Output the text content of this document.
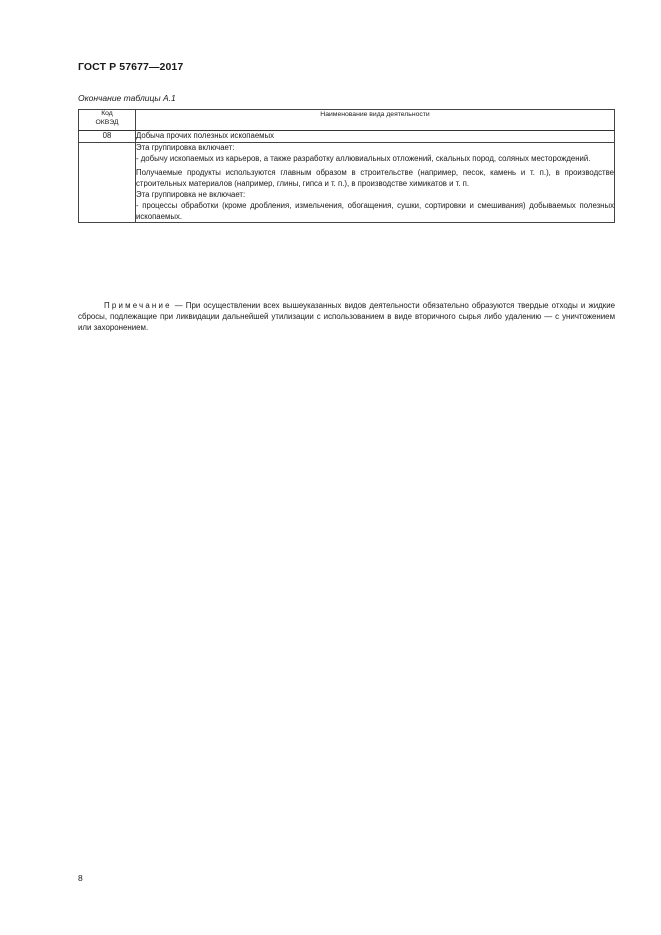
ГОСТ Р 57677—2017
Окончание таблицы А.1
Код
ОКВЭД	Наименование вида деятельности
08	Добыча прочих полезных ископаемых

	Эта группировка включает:

- добычу ископаемых из карьеров, а также разработку аллювиальных отложений, скальных пород, соляных месторождений.

Получаемые продукты используются главным образом в строительстве (например, песок, камень и т. п.), в производстве строительных материалов (например, глины, гипса и т. п.), в производстве химикатов и т. п.

Эта группировка не включает:

- процессы обработки (кроме дробления, измельчения, обогащения, сушки, сортировки и смешивания) добываемых полезных ископаемых.

Примечание — При осуществлении всех вышеуказанных видов деятельности обязательно образуются твердые отходы и жидкие сбросы, подлежащие при ликвидации дальнейшей утилизации с использованием в виде вторичного сырья либо удалению — с уничтожением или захоронением.
8
